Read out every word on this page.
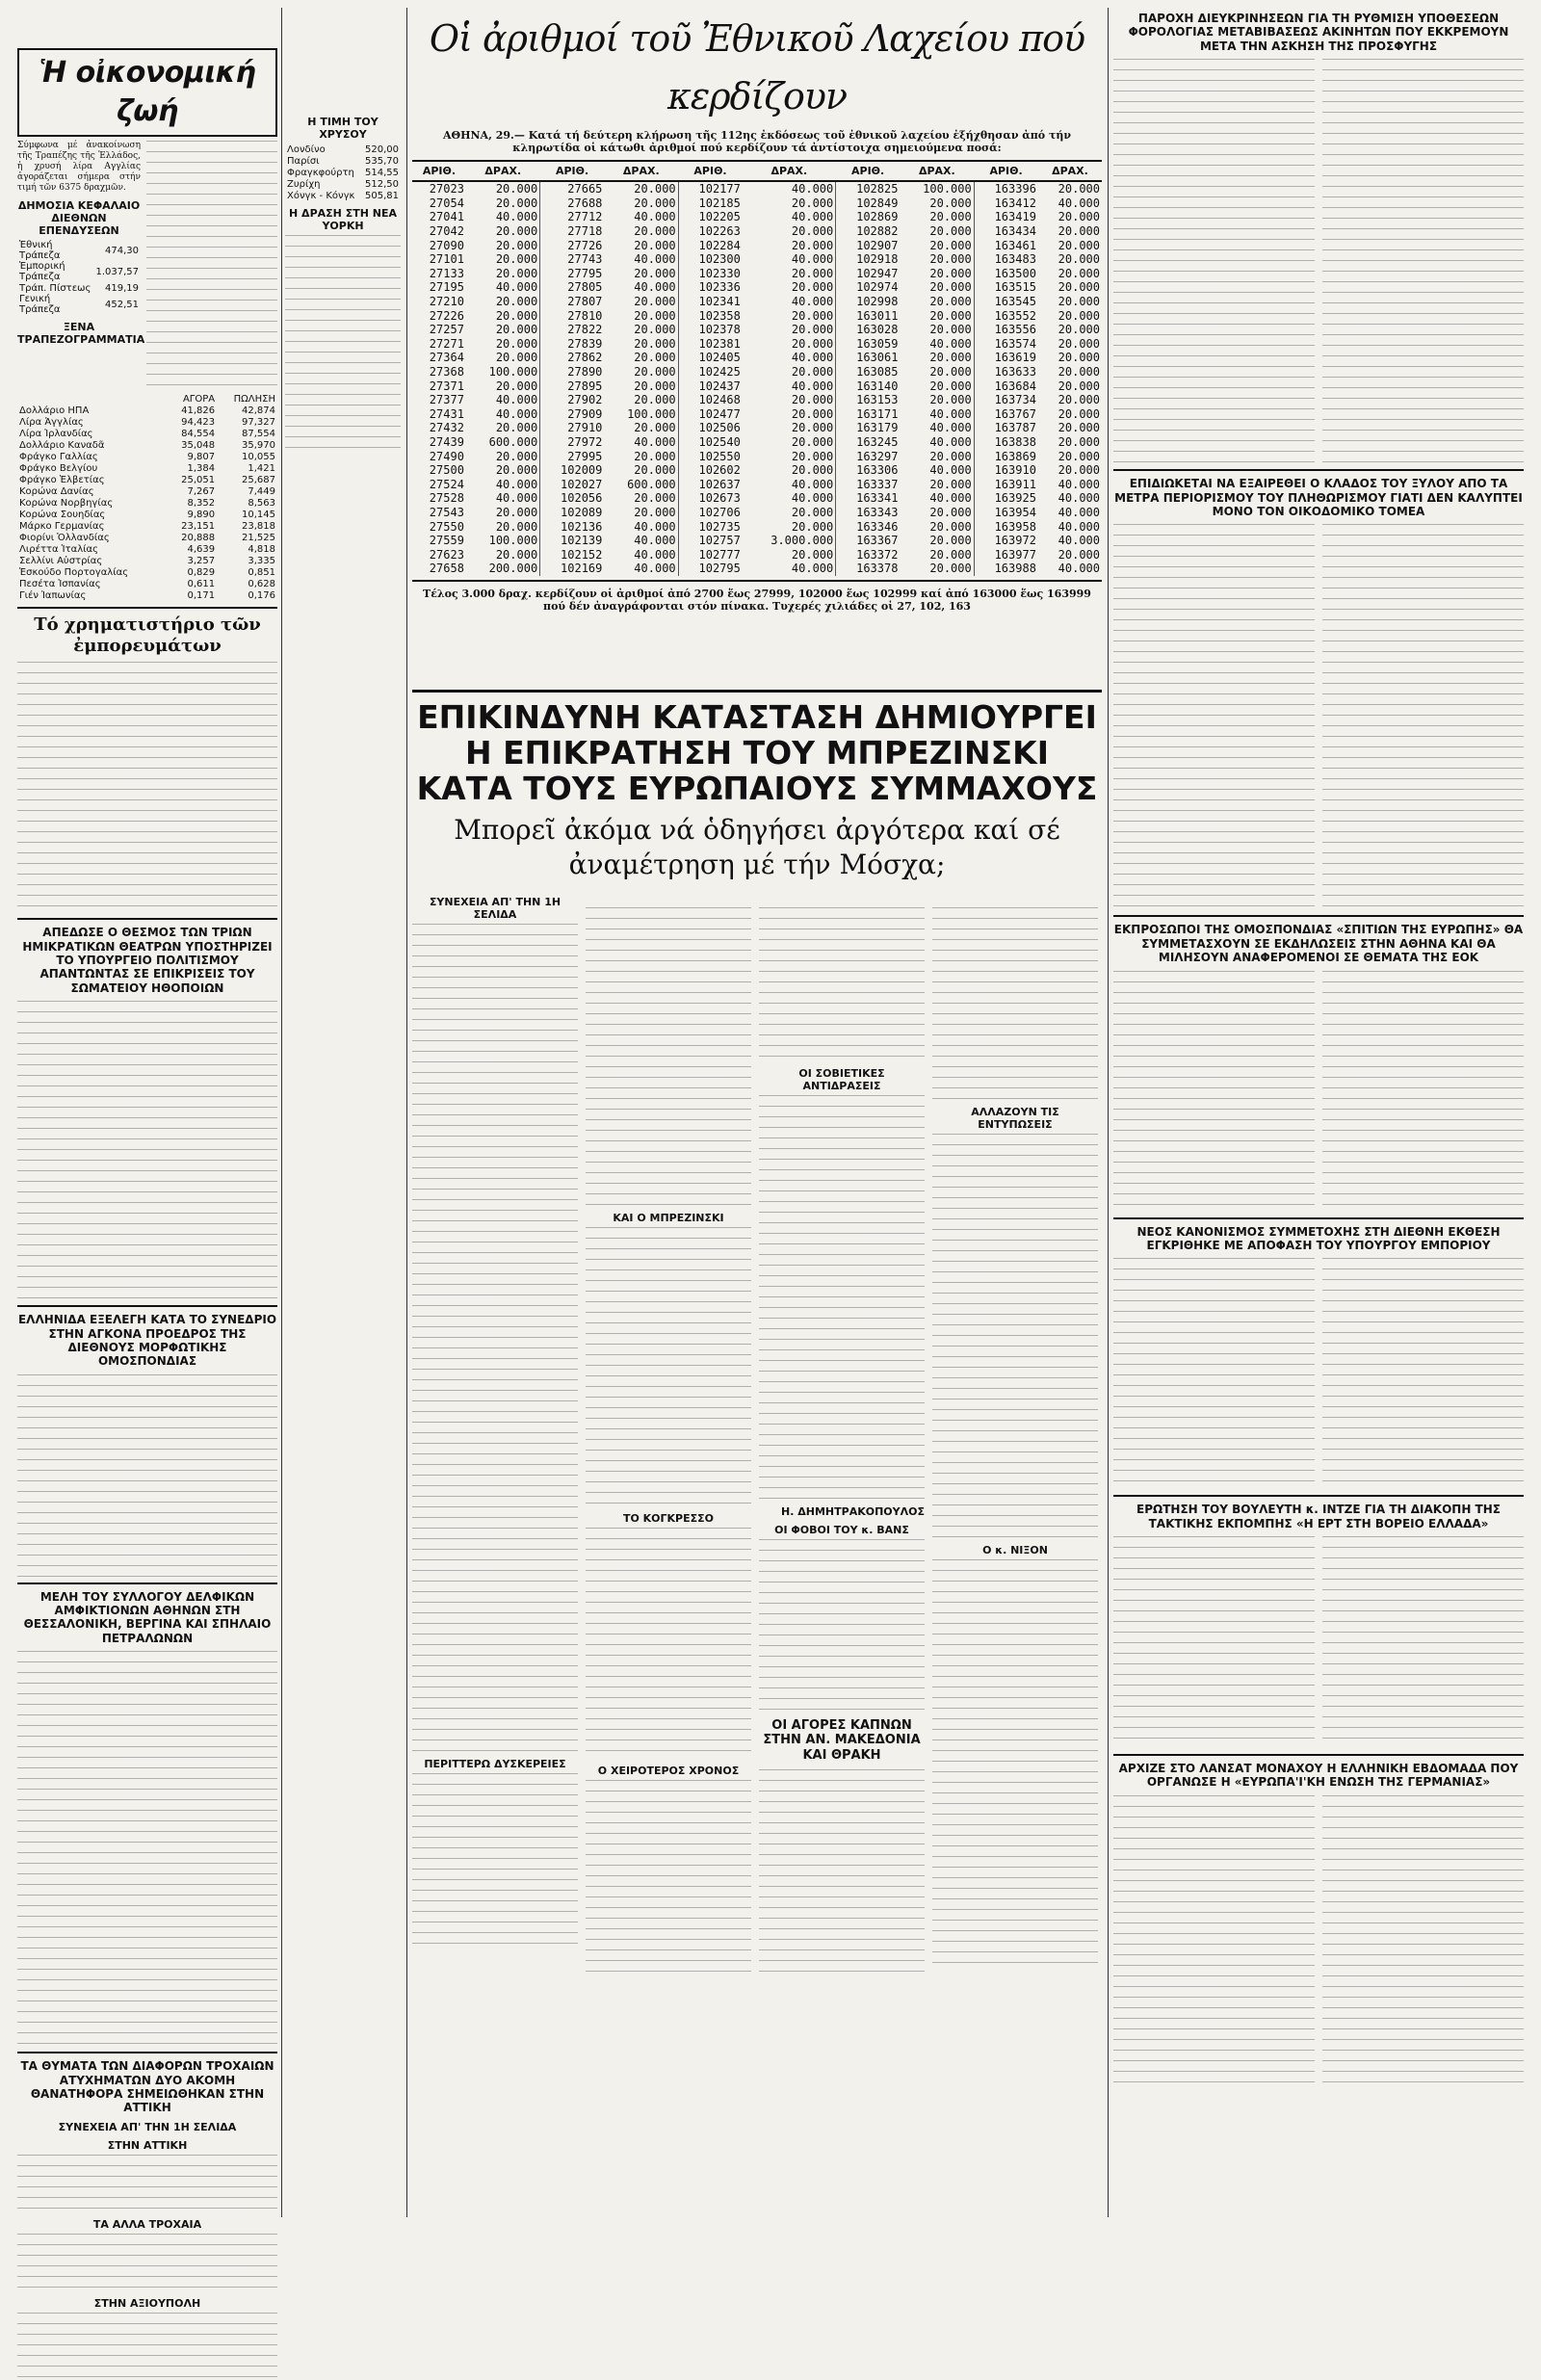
Ἡ οἰκονομική ζωή
Σύμφωνα μέ ἀνακοίνωση τῆς Τραπέζης τῆς Ἑλλάδος, ἡ χρυσή λίρα Αγγλίας ἀγοράζεται σήμερα στήν τιμή τῶν 6375 δραχμῶν.
ΔΗΜΟΣΙΑ ΚΕΦΑΛΑΙΟ ΔΙΕΘΝΩΝ ΕΠΕΝΔΥΣΕΩΝ
Ἐθνική Τράπεζα	474,30
Ἐμπορική Τράπεζα	1.037,57
Τράπ. Πίστεως	419,19
Γενική Τράπεζα	452,51
ΞΕΝΑ ΤΡΑΠΕΖΟΓΡΑΜΜΑΤΙΑ
	ΑΓΟΡΑ	ΠΩΛΗΣΗ
Δολλάριο ΗΠΑ	41,826	42,874
Λίρα Ἀγγλίας	94,423	97,327
Λίρα Ἰρλανδίας	84,554	87,554
Δολλάριο Καναδᾶ	35,048	35,970
Φράγκο Γαλλίας	9,807	10,055
Φράγκο Βελγίου	1,384	1,421
Φράγκο Ἑλβετίας	25,051	25,687
Κορώνα Δανίας	7,267	7,449
Κορώνα Νορβηγίας	8,352	8,563
Κορώνα Σουηδίας	9,890	10,145
Μάρκο Γερμανίας	23,151	23,818
Φιορίνι Ὁλλανδίας	20,888	21,525
Λιρέττα Ἰταλίας	4,639	4,818
Σελλίνι Αὐστρίας	3,257	3,335
Ἐσκούδο Πορτογαλίας	0,829	0,851
Πεσέτα Ἰσπανίας	0,611	0,628
Γιέν Ἰαπωνίας	0,171	0,176
Τό χρηματιστήριο τῶν ἐμπορευμάτων
ΑΠΕΔΩΣΕ Ο ΘΕΣΜΟΣ ΤΩΝ ΤΡΙΩΝ ΗΜΙΚΡΑΤΙΚΩΝ ΘΕΑΤΡΩΝ ΥΠΟΣΤΗΡΙΖΕΙ ΤΟ ΥΠΟΥΡΓΕΙΟ ΠΟΛΙΤΙΣΜΟΥ ΑΠΑΝΤΩΝΤΑΣ ΣΕ ΕΠΙΚΡΙΣΕΙΣ ΤΟΥ ΣΩΜΑΤΕΙΟΥ ΗΘΟΠΟΙΩΝ
ΕΛΛΗΝΙΔΑ ΕΞΕΛΕΓΗ ΚΑΤΑ ΤΟ ΣΥΝΕΔΡΙΟ ΣΤΗΝ ΑΓΚΟΝΑ ΠΡΟΕΔΡΟΣ ΤΗΣ ΔΙΕΘΝΟΥΣ ΜΟΡΦΩΤΙΚΗΣ ΟΜΟΣΠΟΝΔΙΑΣ
ΜΕΛΗ ΤΟΥ ΣΥΛΛΟΓΟΥ ΔΕΛΦΙΚΩΝ ΑΜΦΙΚΤΙΟΝΩΝ ΑΘΗΝΩΝ ΣΤΗ ΘΕΣΣΑΛΟΝΙΚΗ, ΒΕΡΓΙΝΑ ΚΑΙ ΣΠΗΛΑΙΟ ΠΕΤΡΑΛΩΝΩΝ
ΤΑ ΘΥΜΑΤΑ ΤΩΝ ΔΙΑΦΟΡΩΝ ΤΡΟΧΑΙΩΝ ΑΤΥΧΗΜΑΤΩΝ ΔΥΟ ΑΚΟΜΗ ΘΑΝΑΤΗΦΟΡΑ ΣΗΜΕΙΩΘΗΚΑΝ ΣΤΗΝ ΑΤΤΙΚΗ
ΣΥΝΕΧΕΙΑ ΑΠ' ΤΗΝ 1Η ΣΕΛΙΔΑ
ΣΤΗΝ ΑΤΤΙΚΗ
ΤΑ ΑΛΛΑ ΤΡΟΧΑΙΑ
ΣΤΗΝ ΑΞΙΟΥΠΟΛΗ
Η ΤΙΜΗ ΤΟΥ ΧΡΥΣΟΥ
Λονδίνο	520,00
Παρίσι	535,70
Φραγκφούρτη	514,55
Ζυρίχη	512,50
Χόνγκ - Κόνγκ	505,81
Η ΔΡΑΣΗ ΣΤΗ ΝΕΑ ΥΟΡΚΗ
Οἱ ἀριθμοί τοῦ Ἐθνικοῦ Λαχείου πού κερδίζουν
ΑΘΗΝΑ, 29.— Κατά τή δεύτερη κλήρωση τῆς 112ης ἐκδόσεως τοῦ ἐθνικοῦ λαχείου ἐξήχθησαν ἀπό τήν κληρωτίδα οἱ κάτωθι ἀριθμοί πού κερδίζουν τά ἀντίστοιχα σημειούμενα ποσά:
ΑΡΙΘ.	ΔΡΑΧ.	ΑΡΙΘ.	ΔΡΑΧ.	ΑΡΙΘ.	ΔΡΑΧ.	ΑΡΙΘ.	ΔΡΑΧ.	ΑΡΙΘ.	ΔΡΑΧ.
27023	20.000	27665	20.000	102177	40.000	102825	100.000	163396	20.000
27054	20.000	27688	20.000	102185	20.000	102849	20.000	163412	40.000
27041	40.000	27712	40.000	102205	40.000	102869	20.000	163419	20.000
27042	20.000	27718	20.000	102263	20.000	102882	20.000	163434	20.000
27090	20.000	27726	20.000	102284	20.000	102907	20.000	163461	20.000
27101	20.000	27743	40.000	102300	40.000	102918	20.000	163483	20.000
27133	20.000	27795	20.000	102330	20.000	102947	20.000	163500	20.000
27195	40.000	27805	40.000	102336	20.000	102974	20.000	163515	20.000
27210	20.000	27807	20.000	102341	40.000	102998	20.000	163545	20.000
27226	20.000	27810	20.000	102358	20.000	163011	20.000	163552	20.000
27257	20.000	27822	20.000	102378	20.000	163028	20.000	163556	20.000
27271	20.000	27839	20.000	102381	20.000	163059	40.000	163574	20.000
27364	20.000	27862	20.000	102405	40.000	163061	20.000	163619	20.000
27368	100.000	27890	20.000	102425	20.000	163085	20.000	163633	20.000
27371	20.000	27895	20.000	102437	40.000	163140	20.000	163684	20.000
27377	40.000	27902	20.000	102468	20.000	163153	20.000	163734	20.000
27431	40.000	27909	100.000	102477	20.000	163171	40.000	163767	20.000
27432	20.000	27910	20.000	102506	20.000	163179	40.000	163787	20.000
27439	600.000	27972	40.000	102540	20.000	163245	40.000	163838	20.000
27490	20.000	27995	20.000	102550	20.000	163297	20.000	163869	20.000
27500	20.000	102009	20.000	102602	20.000	163306	40.000	163910	20.000
27524	40.000	102027	600.000	102637	40.000	163337	20.000	163911	40.000
27528	40.000	102056	20.000	102673	40.000	163341	40.000	163925	40.000
27543	20.000	102089	20.000	102706	20.000	163343	20.000	163954	40.000
27550	20.000	102136	40.000	102735	20.000	163346	20.000	163958	40.000
27559	100.000	102139	40.000	102757	3.000.000	163367	20.000	163972	40.000
27623	20.000	102152	40.000	102777	20.000	163372	20.000	163977	20.000
27658	200.000	102169	40.000	102795	40.000	163378	20.000	163988	40.000
Τέλος 3.000 δραχ. κερδίζουν οἱ ἀριθμοί ἀπό 2700 ἕως 27999, 102000 ἕως 102999 καί ἀπό 163000 ἕως 163999 πού δέν ἀναγράφονται στόν πίνακα. Τυχερές χιλιάδες οἱ 27, 102, 163
ΕΠΙΚΙΝΔΥΝΗ ΚΑΤΑΣΤΑΣΗ ΔΗΜΙΟΥΡΓΕΙ
Η ΕΠΙΚΡΑΤΗΣΗ ΤΟΥ ΜΠΡΕΖΙΝΣΚΙ
ΚΑΤΑ ΤΟΥΣ ΕΥΡΩΠΑΙΟΥΣ ΣΥΜΜΑΧΟΥΣ
Μπορεῖ ἀκόμα νά ὁδηγήσει ἀργότερα καί σέ ἀναμέτρηση μέ τήν Μόσχα;
ΣΥΝΕΧΕΙΑ ΑΠ' ΤΗΝ 1Η ΣΕΛΙΔΑ
ΠΕΡΙΤΤΕΡΩ ΔΥΣΚΕΡΕΙΕΣ
ΚΑΙ Ο ΜΠΡΕΖΙΝΣΚΙ
ΤΟ ΚΟΓΚΡΕΣΣΟ
Ο ΧΕΙΡΟΤΕΡΟΣ ΧΡΟΝΟΣ
ΟΙ ΣΟΒΙΕΤΙΚΕΣ ΑΝΤΙΔΡΑΣΕΙΣ
Η. ΔΗΜΗΤΡΑΚΟΠΟΥΛΟΣ
ΟΙ ΦΟΒΟΙ ΤΟΥ κ. ΒΑΝΣ
ΟΙ ΑΓΟΡΕΣ ΚΑΠΝΩΝ ΣΤΗΝ ΑΝ. ΜΑΚΕΔΟΝΙΑ ΚΑΙ ΘΡΑΚΗ
ΑΛΛΑΖΟΥΝ ΤΙΣ ΕΝΤΥΠΩΣΕΙΣ
Ο κ. ΝΙΞΟΝ
ΠΑΡΟΧΗ ΔΙΕΥΚΡΙΝΗΣΕΩΝ ΓΙΑ ΤΗ ΡΥΘΜΙΣΗ ΥΠΟΘΕΣΕΩΝ ΦΟΡΟΛΟΓΙΑΣ ΜΕΤΑΒΙΒΑΣΕΩΣ ΑΚΙΝΗΤΩΝ ΠΟΥ ΕΚΚΡΕΜΟΥΝ ΜΕΤΑ ΤΗΝ ΑΣΚΗΣΗ ΤΗΣ ΠΡΟΣΦΥΓΗΣ
ΕΠΙΔΙΩΚΕΤΑΙ ΝΑ ΕΞΑΙΡΕΘΕΙ Ο ΚΛΑΔΟΣ ΤΟΥ ΞΥΛΟΥ ΑΠΟ ΤΑ ΜΕΤΡΑ ΠΕΡΙΟΡΙΣΜΟΥ ΤΟΥ ΠΛΗΘΩΡΙΣΜΟΥ ΓΙΑΤΙ ΔΕΝ ΚΑΛΥΠΤΕΙ ΜΟΝΟ ΤΟΝ ΟΙΚΟΔΟΜΙΚΟ ΤΟΜΕΑ
ΕΚΠΡΟΣΩΠΟΙ ΤΗΣ ΟΜΟΣΠΟΝΔΙΑΣ «ΣΠΙΤΙΩΝ ΤΗΣ ΕΥΡΩΠΗΣ» ΘΑ ΣΥΜΜΕΤΑΣΧΟΥΝ ΣΕ ΕΚΔΗΛΩΣΕΙΣ ΣΤΗΝ ΑΘΗΝΑ ΚΑΙ ΘΑ ΜΙΛΗΣΟΥΝ ΑΝΑΦΕΡΟΜΕΝΟΙ ΣΕ ΘΕΜΑΤΑ ΤΗΣ ΕΟΚ
ΝΕΟΣ ΚΑΝΟΝΙΣΜΟΣ ΣΥΜΜΕΤΟΧΗΣ ΣΤΗ ΔΙΕΘΝΗ ΕΚΘΕΣΗ ΕΓΚΡΙΘΗΚΕ ΜΕ ΑΠΟΦΑΣΗ ΤΟΥ ΥΠΟΥΡΓΟΥ ΕΜΠΟΡΙΟΥ
ΕΡΩΤΗΣΗ ΤΟΥ ΒΟΥΛΕΥΤΗ κ. ΙΝΤΖΕ ΓΙΑ ΤΗ ΔΙΑΚΟΠΗ ΤΗΣ ΤΑΚΤΙΚΗΣ ΕΚΠΟΜΠΗΣ «Η ΕΡΤ ΣΤΗ ΒΟΡΕΙΟ ΕΛΛΑΔΑ»
ΑΡΧΙΖΕ ΣΤΟ ΛΑΝΣΑΤ ΜΟΝΑΧΟΥ Η ΕΛΛΗΝΙΚΗ ΕΒΔΟΜΑΔΑ ΠΟΥ ΟΡΓΑΝΩΣΕ Η «ΕΥΡΩΠΑ'Ι'ΚΗ ΕΝΩΣΗ ΤΗΣ ΓΕΡΜΑΝΙΑΣ»
